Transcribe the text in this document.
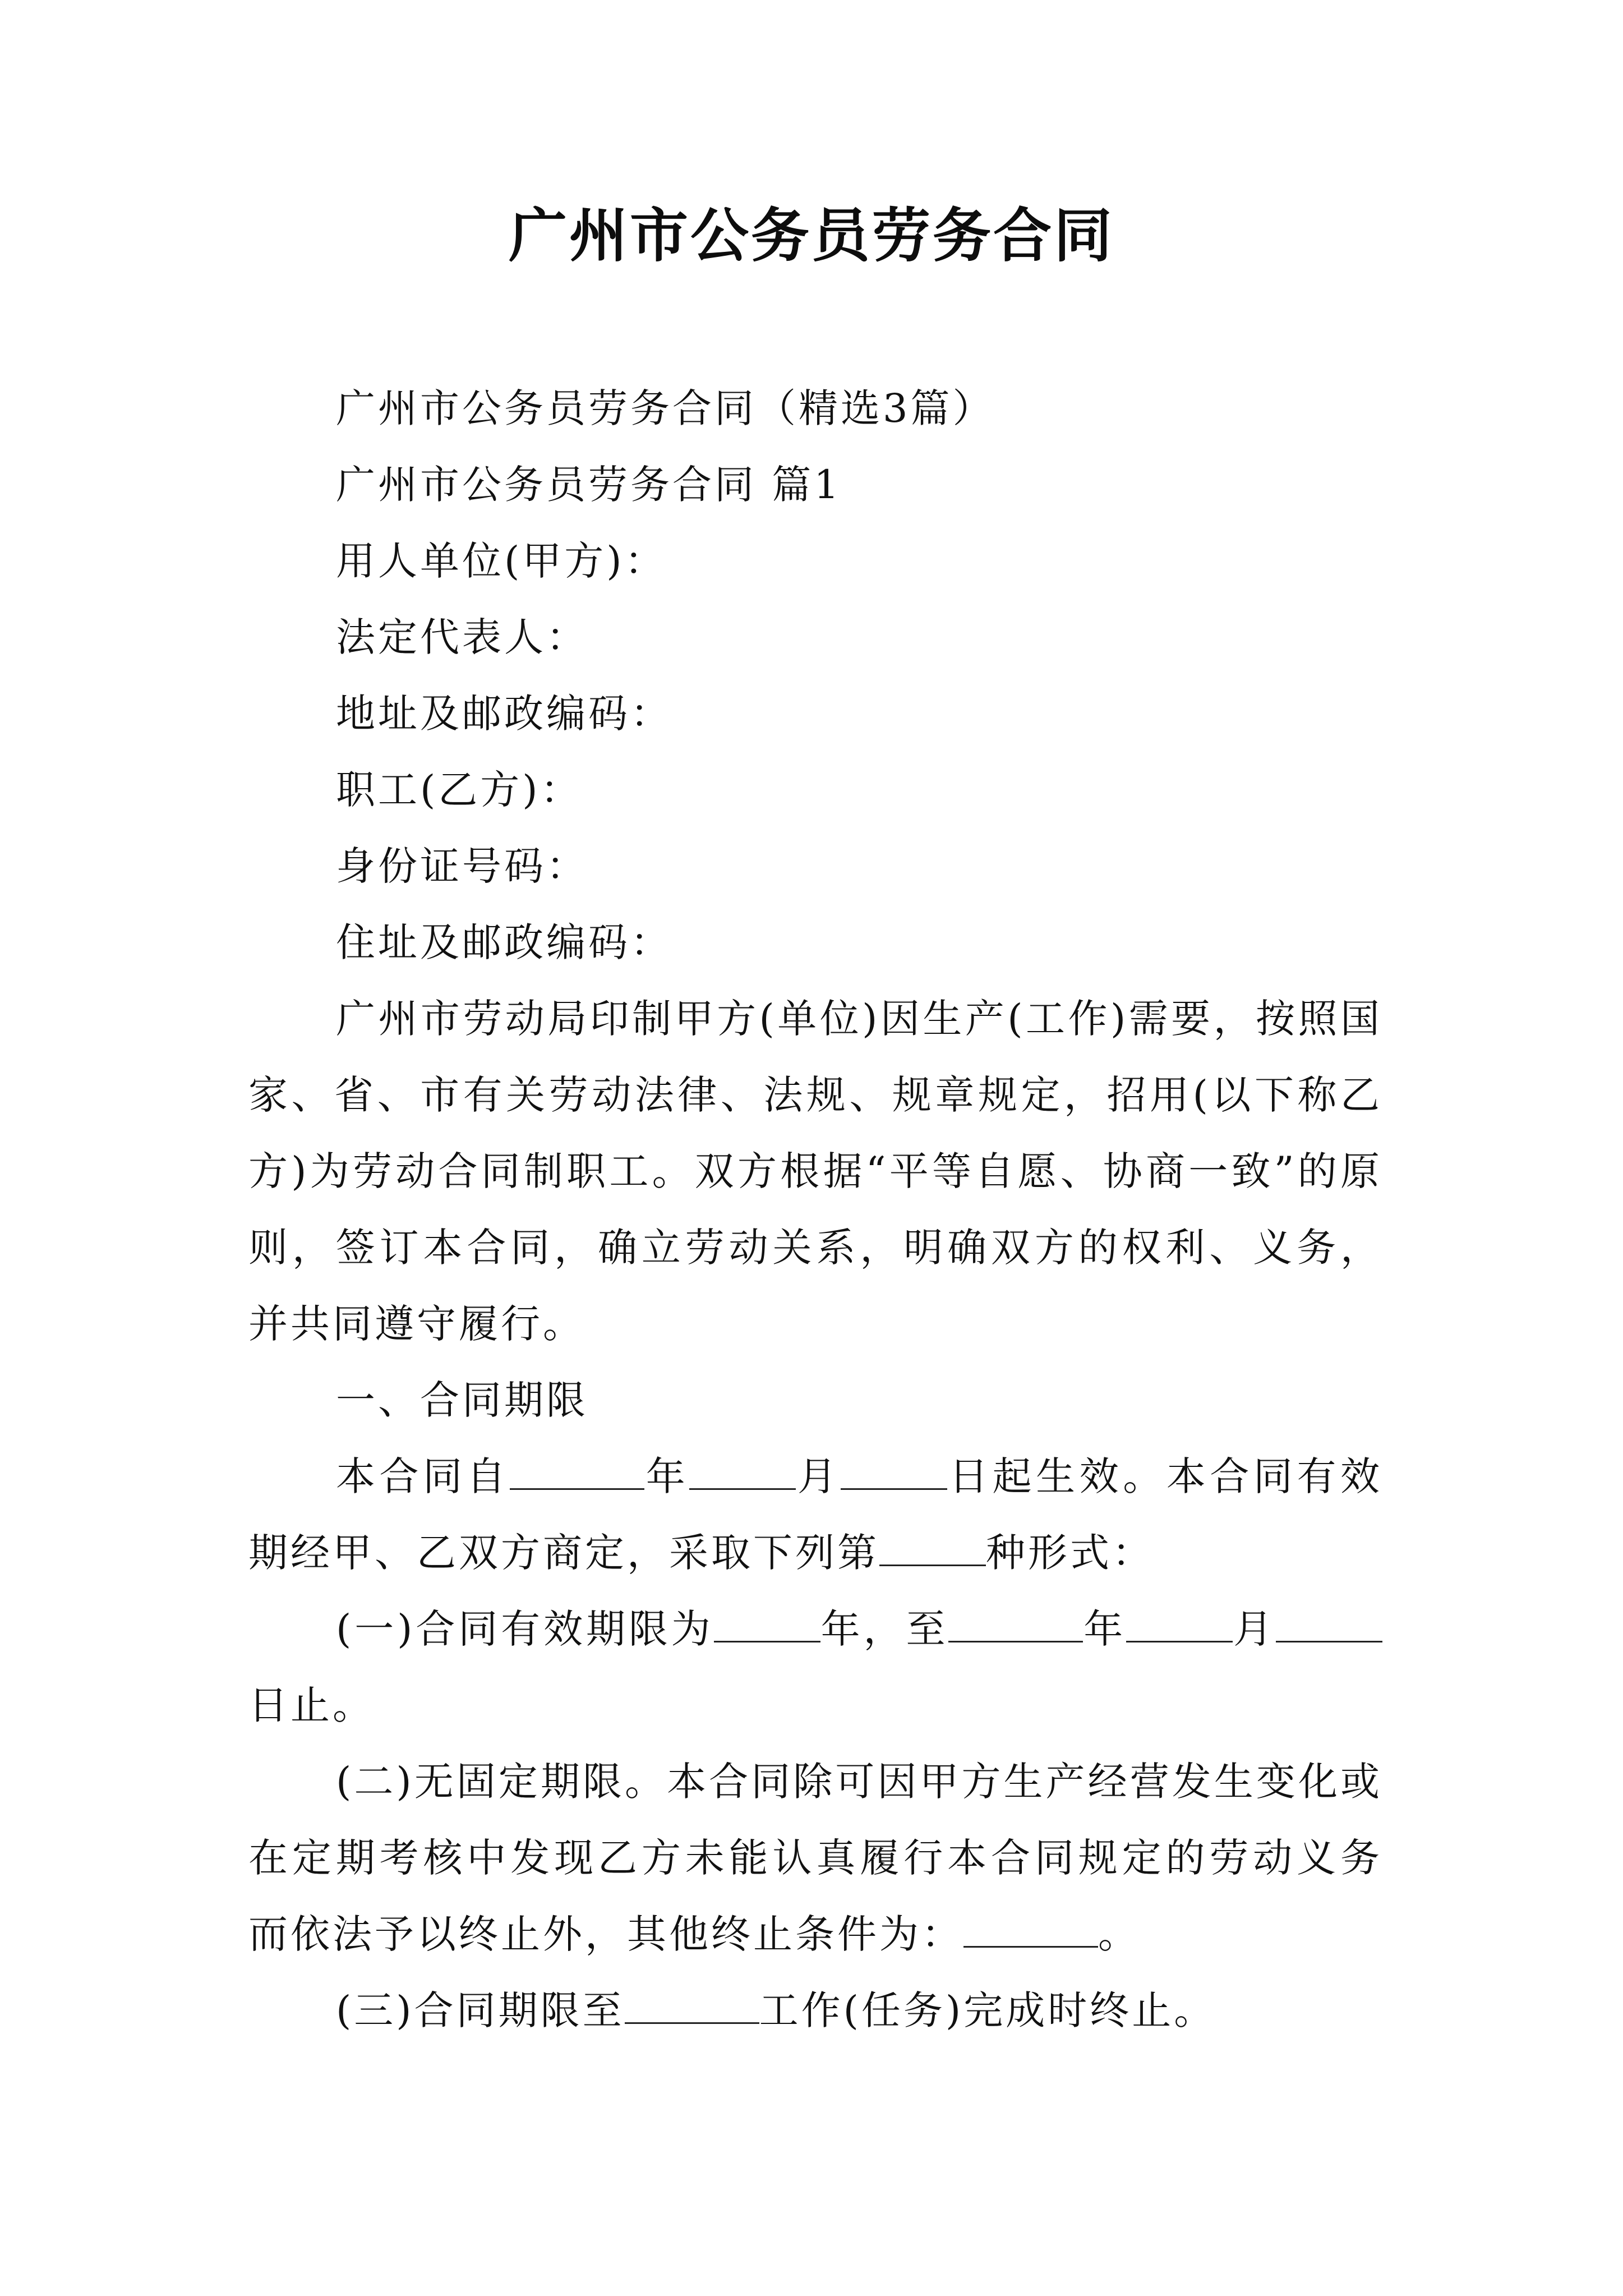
广州市公务员劳务合同

广州市公务员劳务合同（精选3篇）

广州市公务员劳务合同 篇1

用人单位(甲方)：

法定代表人：

地址及邮政编码：

职工(乙方)：

身份证号码：

住址及邮政编码：

广州市劳动局印制甲方(单位)因生产(工作)需要，按照国家、省、市有关劳动法律、法规、规章规定，招用(以下称乙方)为劳动合同制职工。双方根据“平等自愿、协商一致”的原则，签订本合同，确立劳动关系，明确双方的权利、义务，并共同遵守履行。

一、合同期限

本合同自	年	月	日起生效。本合同有效期经甲、乙双方商定，采取下列第	种形式：

(一)合同有效期限为	年，至	年	月日止。

(二)无固定期限。本合同除可因甲方生产经营发生变化或在定期考核中发现乙方未能认真履行本合同规定的劳动义务而依法予以终止外，其他终止条件为：	。

(三)合同期限至	工作(任务)完成时终止。
